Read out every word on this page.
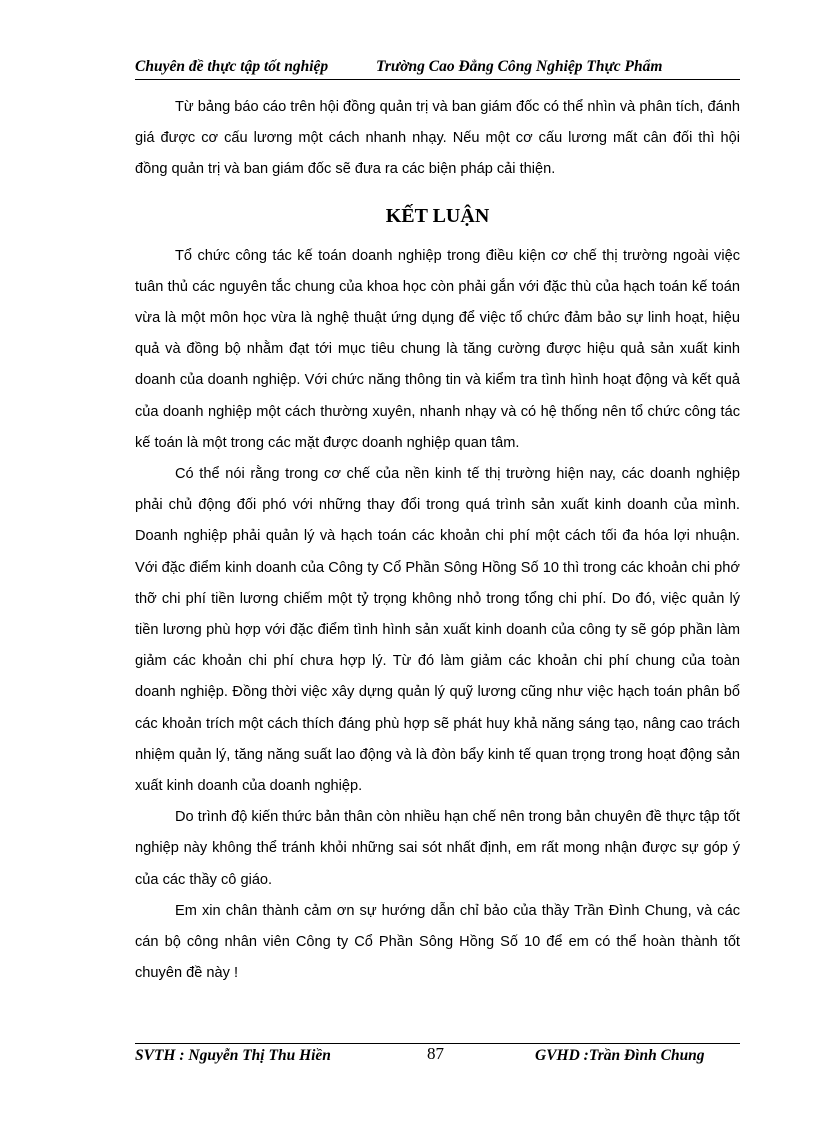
Chuyên đề thực tập tốt nghiệp	Trường Cao Đẳng Công Nghiệp Thực Phẩm

Từ bảng báo cáo trên hội đồng quản trị và ban giám đốc có thể nhìn và phân tích, đánh giá được cơ cấu lương một cách nhanh nhạy. Nếu một cơ cấu lương mất cân đối thì hội đồng quản trị và ban giám đốc sẽ đưa ra các biện pháp cải thiện.

KẾT LUẬN

Tổ chức công tác kế toán doanh nghiệp trong điều kiện cơ chế thị trường ngoài việc tuân thủ các nguyên tắc chung của khoa học còn phải gắn với đặc thù của hạch toán kế toán vừa là một môn học vừa là nghệ thuật ứng dụng để việc tổ chức đảm bảo sự linh hoạt, hiệu quả và đồng bộ nhằm đạt tới mục tiêu chung là tăng cường được hiệu quả sản xuất kinh doanh của doanh nghiệp. Với chức năng thông tin và kiểm tra tình hình hoạt động và kết quả của doanh nghiệp một cách thường xuyên, nhanh nhạy và có hệ thống nên tổ chức công tác kế toán là một trong các mặt được doanh nghiệp quan tâm.

Có thể nói rằng trong cơ chế của nền kinh tế thị trường hiện nay, các doanh nghiệp phải chủ động đối phó với những thay đổi trong quá trình sản xuất kinh doanh của mình. Doanh nghiệp phải quản lý và hạch toán các khoản chi phí một cách tối đa hóa lợi nhuận. Với đặc điểm kinh doanh của Công ty Cổ Phần Sông Hồng Số 10 thì trong các khoản chi phớ thỡ chi phí tiền lương chiếm một tỷ trọng không nhỏ trong tổng chi phí. Do đó, việc quản lý tiền lương phù hợp với đặc điểm tình hình sản xuất kinh doanh của công ty sẽ góp phần làm giảm các khoản chi phí chưa hợp lý. Từ đó làm giảm các khoản chi phí chung của toàn doanh nghiệp. Đồng thời việc xây dựng quản lý quỹ lương cũng như việc hạch toán phân bổ các khoản trích một cách thích đáng phù hợp sẽ phát huy khả năng sáng tạo, nâng cao trách nhiệm quản lý, tăng năng suất lao động và là đòn bẩy kinh tế quan trọng trong hoạt động sản xuất kinh doanh của doanh nghiệp.

Do trình độ kiến thức bản thân còn nhiều hạn chế nên trong bản chuyên đề thực tập tốt nghiệp này không thể tránh khỏi những sai sót nhất định, em rất mong nhận được sự góp ý của các thầy cô giáo.

Em xin chân thành cảm ơn sự hướng dẫn chỉ bảo của thầy Trần Đình Chung, và các cán bộ công nhân viên Công ty Cổ Phần Sông Hồng Số 10 để em có thể hoàn thành tốt chuyên đề này !

SVTH : Nguyễn Thị Thu Hiền	87	GVHD :Trần Đình Chung
